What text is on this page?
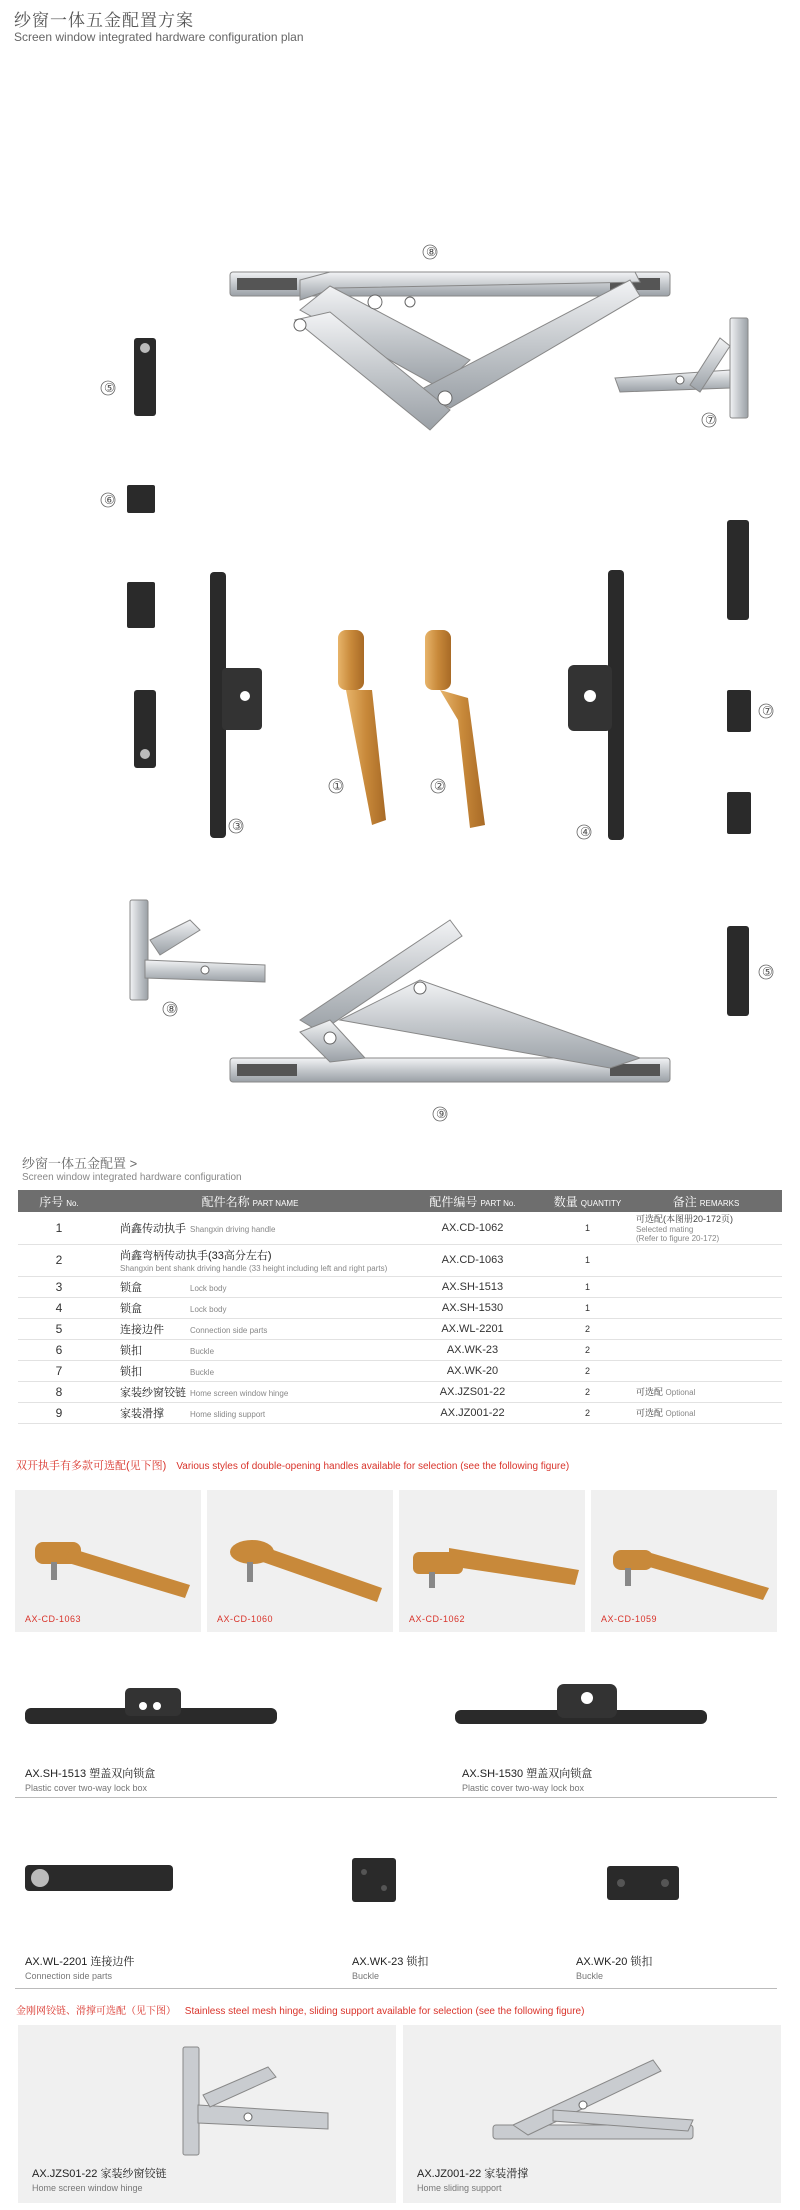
纱窗一体五金配置方案
Screen window integrated hardware configuration plan
⑧
⑦
⑤
⑥
③
①	②
④
⑦
⑤
⑧
⑨
纱窗一体五金配置 >
Screen window integrated hardware configuration
序号 No.	配件名称 PART NAME	配件编号 PART No.	数量 QUANTITY	备注 REMARKS
1	尚鑫传动执手 Shangxin driving handle	AX.CD-1062	1	可选配(本图册20-172页)
Selected mating
(Refer to figure 20-172)

2	尚鑫弯柄传动执手(33高分左右)
Shangxin bent shank driving handle (33 height including left and right parts)	AX.CD-1063	1	

3	锁盒 Lock body	AX.SH-1513	1	

4	锁盒 Lock body	AX.SH-1530	1	

5	连接边件 Connection side parts	AX.WL-2201	2	

6	锁扣 Buckle	AX.WK-23	2	

7	锁扣 Buckle	AX.WK-20	2	

8	家装纱窗铰链 Home screen window hinge	AX.JZS01-22	2	可选配 Optional
9	家装滑撑 Home sliding support	AX.JZ001-22	2	可选配 Optional
双开执手有多款可选配(见下图) Various styles of double-opening handles available for selection (see the following figure)
AX-CD-1063	AX-CD-1060	AX-CD-1062	AX-CD-1059
AX.SH-1513 塑盖双向锁盒
Plastic cover two-way lock box
AX.SH-1530 塑盖双向锁盒
Plastic cover two-way lock box
AX.WL-2201 连接边件
Connection side parts
AX.WK-23 锁扣
Buckle
AX.WK-20 锁扣
Buckle
金刚网铰链、滑撑可选配（见下图） Stainless steel mesh hinge, sliding support available for selection (see the following figure)
AX.JZS01-22 家装纱窗铰链
Home screen window hinge
AX.JZ001-22 家装滑撑
Home sliding support
